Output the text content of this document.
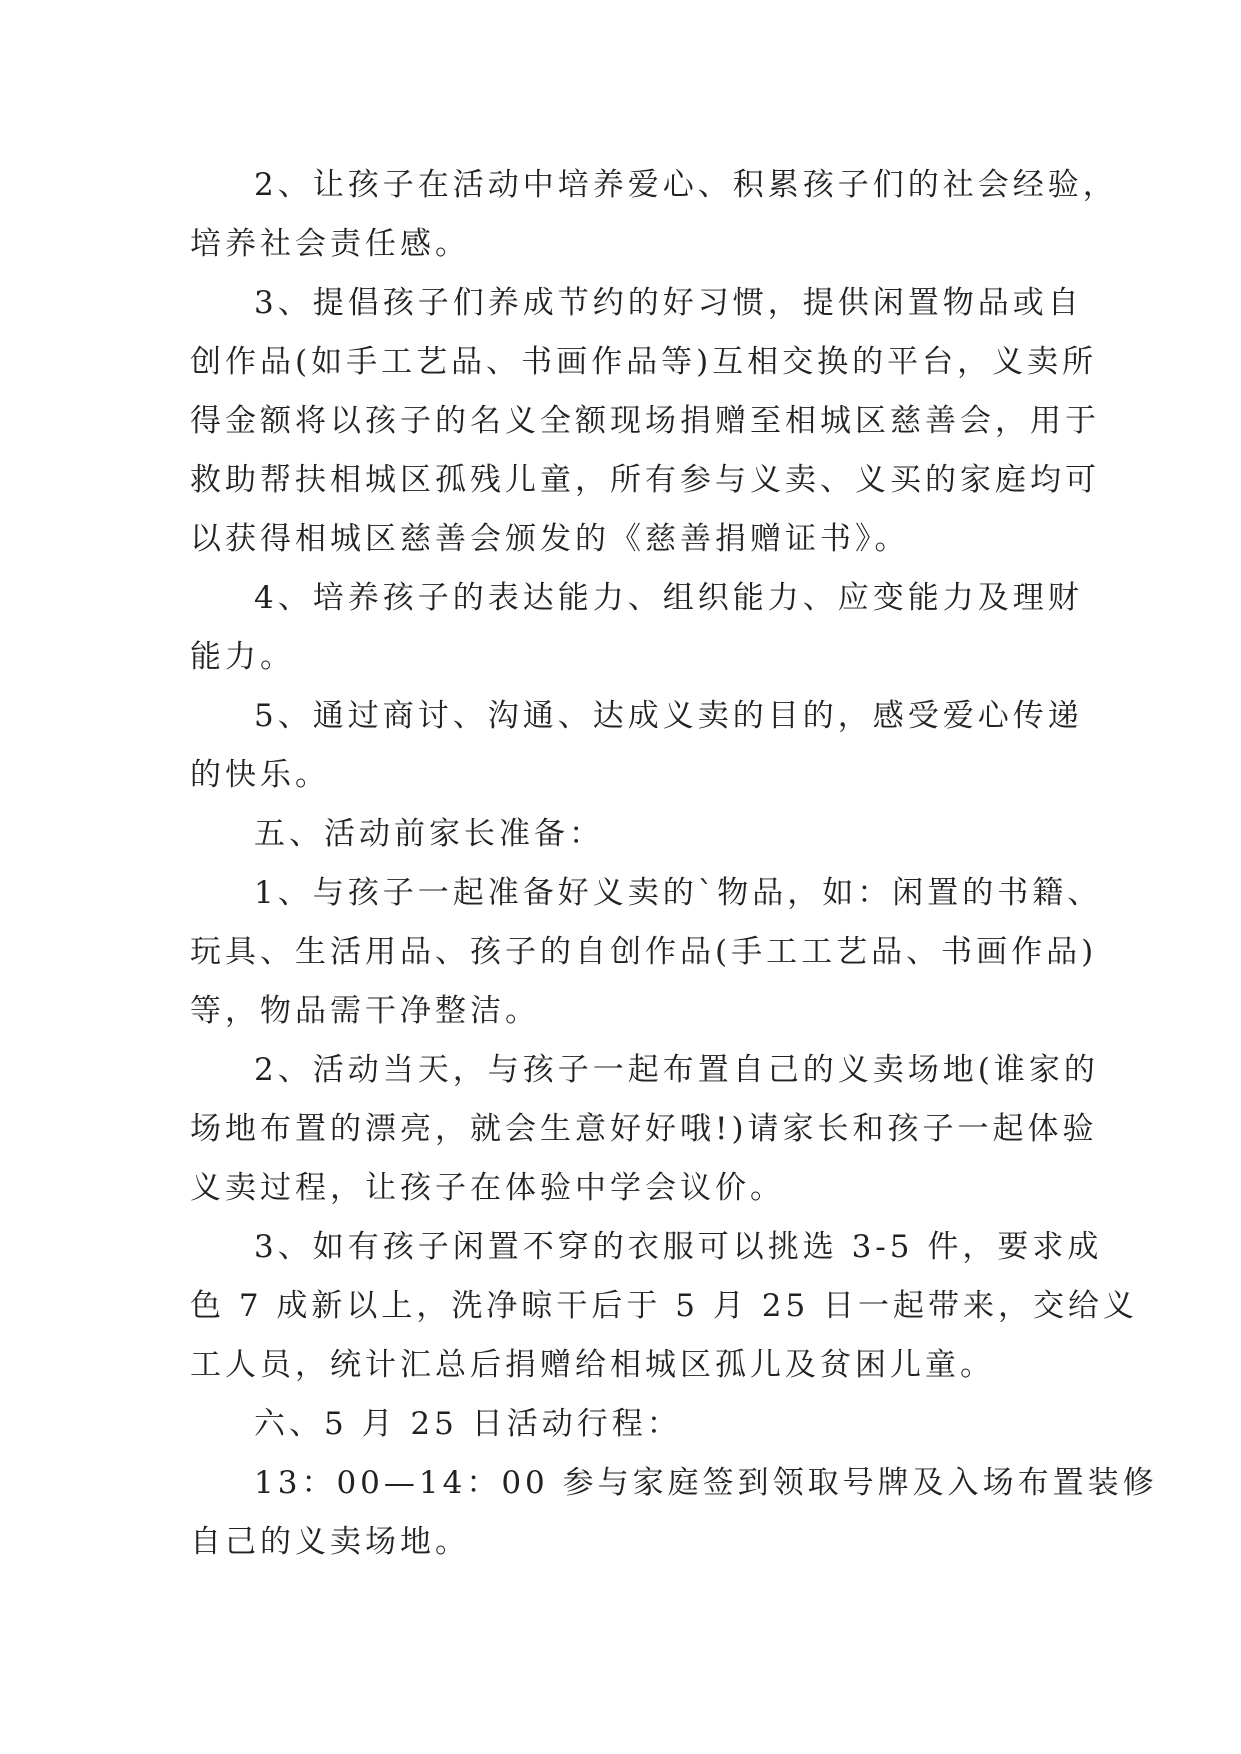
2、让孩子在活动中培养爱心、积累孩子们的社会经验，
培养社会责任感。
3、提倡孩子们养成节约的好习惯，提供闲置物品或自
创作品(如手工艺品、书画作品等)互相交换的平台，义卖所
得金额将以孩子的名义全额现场捐赠至相城区慈善会，用于
救助帮扶相城区孤残儿童，所有参与义卖、义买的家庭均可
以获得相城区慈善会颁发的《慈善捐赠证书》。
4、培养孩子的表达能力、组织能力、应变能力及理财
能力。
5、通过商讨、沟通、达成义卖的目的，感受爱心传递
的快乐。
五、活动前家长准备：
1、与孩子一起准备好义卖的`物品，如：闲置的书籍、
玩具、生活用品、孩子的自创作品(手工工艺品、书画作品)
等，物品需干净整洁。
2、活动当天，与孩子一起布置自己的义卖场地(谁家的
场地布置的漂亮，就会生意好好哦!)请家长和孩子一起体验
义卖过程，让孩子在体验中学会议价。
3、如有孩子闲置不穿的衣服可以挑选 3-5 件，要求成
色 7 成新以上，洗净晾干后于 5 月 25 日一起带来，交给义
工人员，统计汇总后捐赠给相城区孤儿及贫困儿童。
六、5 月 25 日活动行程：
13：00—14：00 参与家庭签到领取号牌及入场布置装修
自己的义卖场地。
